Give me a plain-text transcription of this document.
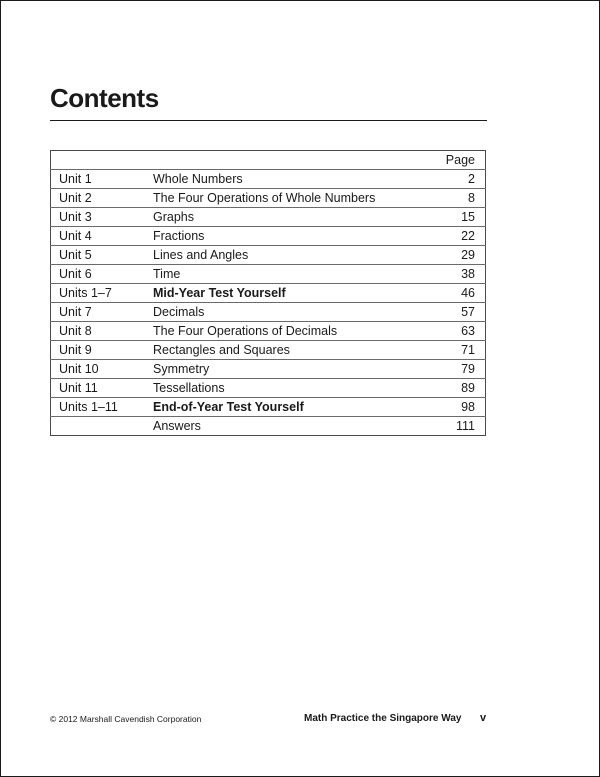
Contents
		Page
Unit 1	Whole Numbers	2
Unit 2	The Four Operations of Whole Numbers	8
Unit 3	Graphs	15
Unit 4	Fractions	22
Unit 5	Lines and Angles	29
Unit 6	Time	38
Units 1–7	Mid-Year Test Yourself	46
Unit 7	Decimals	57
Unit 8	The Four Operations of Decimals	63
Unit 9	Rectangles and Squares	71
Unit 10	Symmetry	79
Unit 11	Tessellations	89
Units 1–11	End-of-Year Test Yourself	98
	Answers	111
© 2012 Marshall Cavendish Corporation	Math Practice the Singapore Way v
